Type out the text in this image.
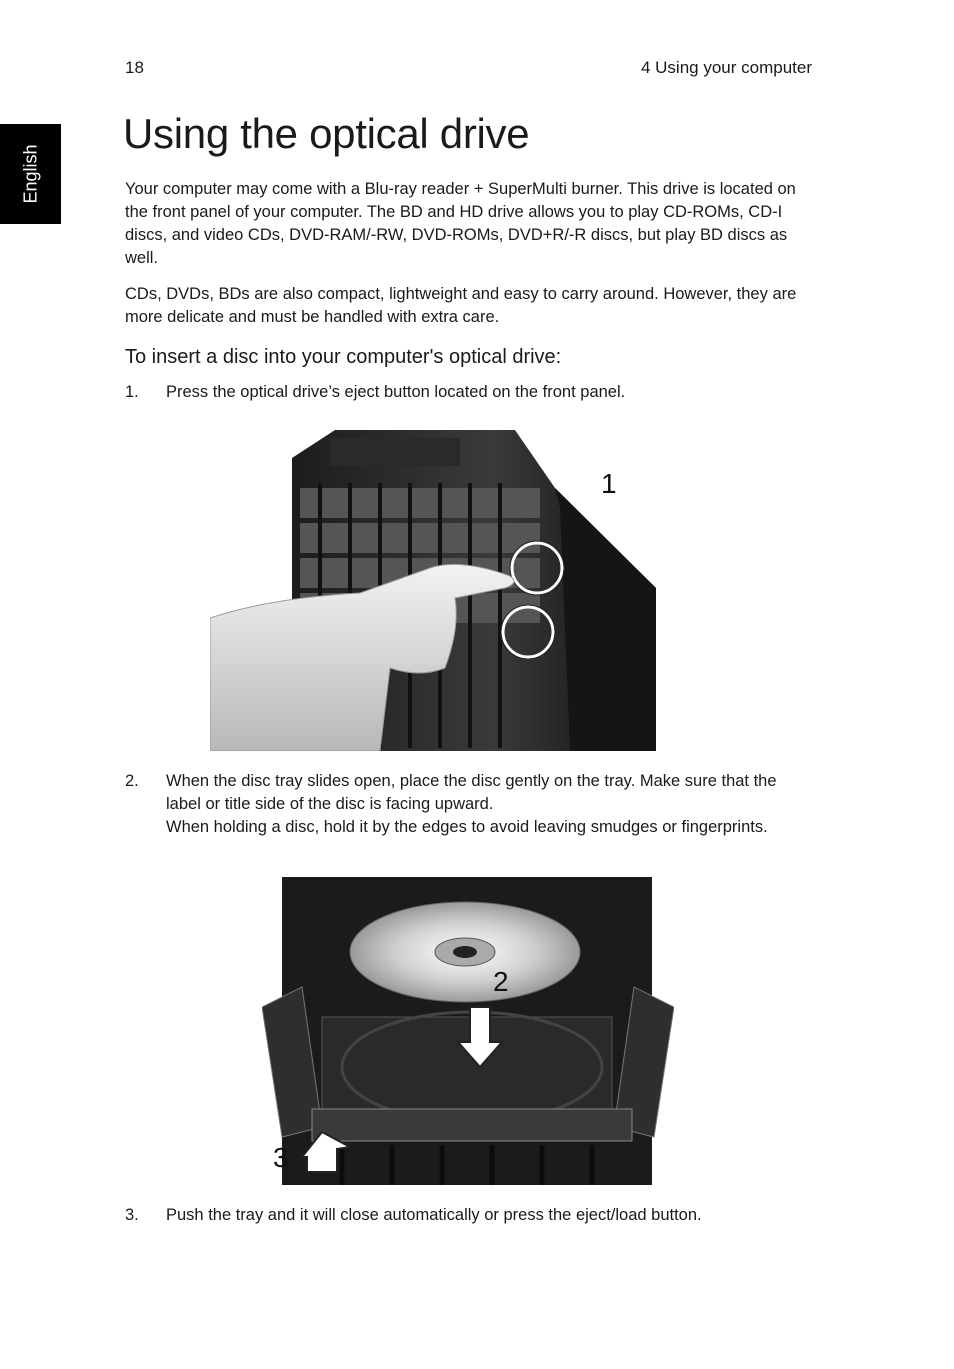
18	4 Using your computer
English
Using the optical drive

Your computer may come with a Blu-ray reader + SuperMulti burner. This drive is located on the front panel of your computer. The BD and HD drive allows you to play CD-ROMs, CD-I discs, and video CDs, DVD-RAM/-RW, DVD-ROMs, DVD+R/-R discs, but play BD discs as well.

CDs, DVDs, BDs are also compact, lightweight and easy to carry around. However, they are more delicate and must be handled with extra care.

To insert a disc into your computer's optical drive:
1. Press the optical drive’s eject button located on the front panel.
1
2. When the disc tray slides open, place the disc gently on the tray. Make sure that the label or title side of the disc is facing upward.
When holding a disc, hold it by the edges to avoid leaving smudges or fingerprints.
2
3
3. Push the tray and it will close automatically or press the eject/load button.
